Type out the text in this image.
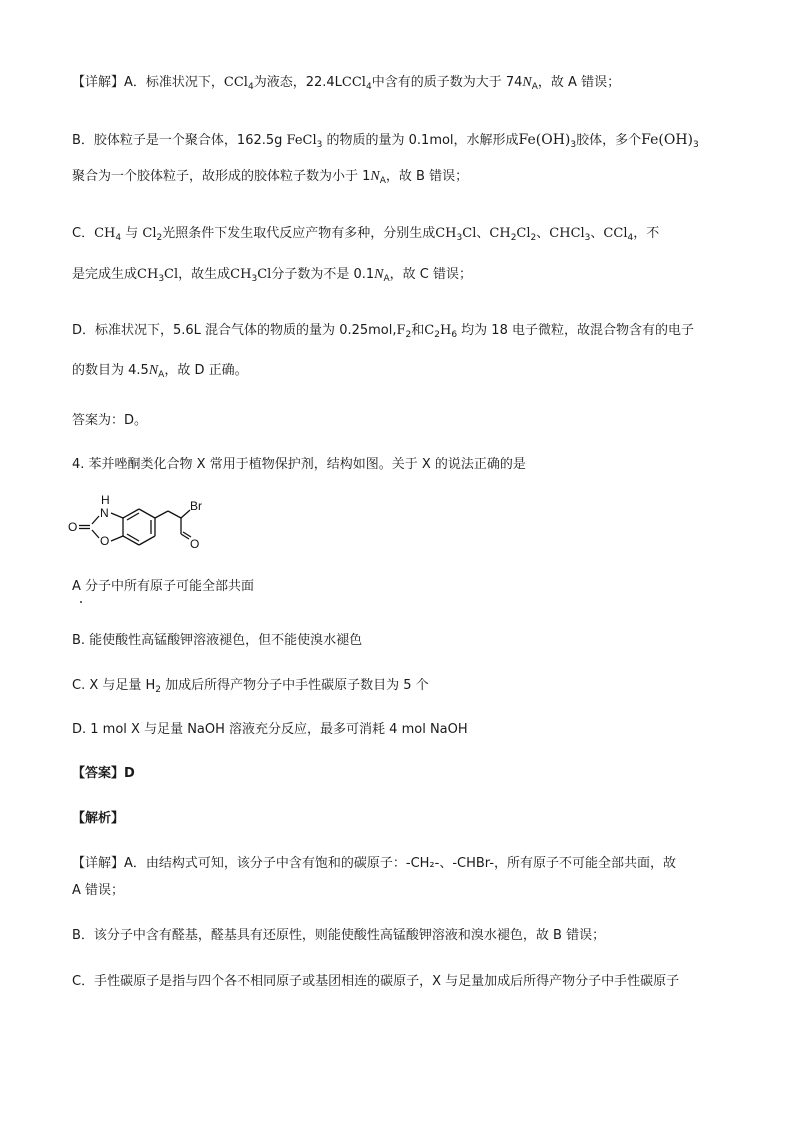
【详解】A．标准状况下，CCl$_4$为液态，22.4LCCl$_4$中含有的质子数为大于 $74N_A$，故 A 错误；
B．胶体粒子是一个聚合体，162.5g FeCl$_3$ 的物质的量为 0.1mol，水解形成$Fe(OH)_3$胶体，多个$Fe(OH)_3$
聚合为一个胶体粒子，故形成的胶体粒子数为小于 $1N_A$，故 B 错误；
C．$CH_4$ 与 $Cl_2$光照条件下发生取代反应产物有多种，分别生成$CH_3Cl$、$CH_2Cl_2$、CHCl$_3$、CCl$_4$，不
是完成生成$CH_3Cl$，故生成$CH_3Cl$分子数为不是 $0.1N_A$，故 C 错误；
D．标准状况下，5.6L 混合气体的物质的量为 $0.25mol,F_2$和$C_2H_6$ 均为 18 电子微粒，故混合物含有的电子
的数目为 $4.5N_A$，故 D 正确。
答案为：D。
4. 苯并唑酮类化合物 X 常用于植物保护剂，结构如图。关于 X 的说法正确的是
H
N
O
O
Br
O
A 分子中所有原子可能全部共面
B. 能使酸性高锰酸钾溶液褪色，但不能使溴水褪色
C. X 与足量 $H_2$ 加成后所得产物分子中手性碳原子数目为 5 个
D. 1 mol X 与足量 NaOH 溶液充分反应，最多可消耗 4 mol NaOH
【答案】D
【解析】
【详解】A．由结构式可知，该分子中含有饱和的碳原子：-CH₂-、-CHBr-，所有原子不可能全部共面，故
A 错误；
B．该分子中含有醛基，醛基具有还原性，则能使酸性高锰酸钾溶液和溴水褪色，故 B 错误；
C．手性碳原子是指与四个各不相同原子或基团相连的碳原子，X 与足量加成后所得产物分子中手性碳原子
